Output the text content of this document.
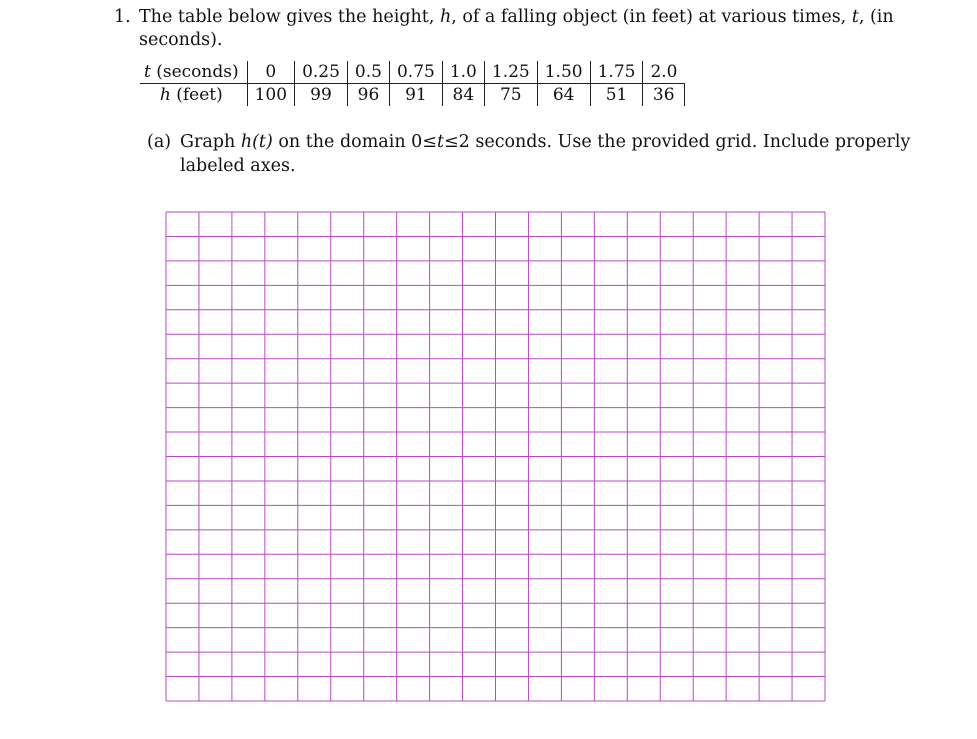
1. The table below gives the height, h, of a falling object (in feet) at various times, t, (in seconds).
t (seconds)	0	0.25	0.5	0.75	1.0	1.25	1.50	1.75	2.0
h (feet)	100	99	96	91	84	75	64	51	36
(a) Graph h(t) on the domain 0≤t≤2 seconds. Use the provided grid. Include properly labeled axes.
